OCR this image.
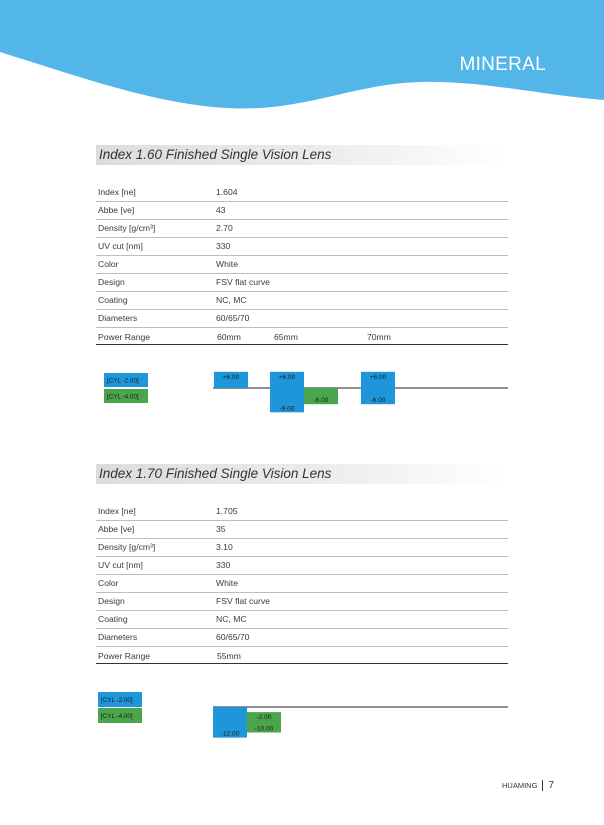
MINERAL
Index 1.60 Finished Single Vision Lens
Index [ne]	1.604
Abbe [ve]	43
Density [g/cm³]	2.70
UV cut [nm]	330
Color	White
Design	FSV flat curve
Coating	NC, MC
Diameters	60/65/70
Power Range	60mm	65mm	70mm
Index 1.70 Finished Single Vision Lens
Index [ne]	1.705
Abbe [ve]	35
Density [g/cm³]	3.10
UV cut [nm]	330
Color	White
Design	FSV flat curve
Coating	NC, MC
Diameters	60/65/70
Power Range	55mm
[CYL -2.00]
[CYL -4.00]
+6.00	+6.00
-9.00
+6.00
-6.00
-6.00
[CYL -2.00]
[CYL -4.00]
-12.00
-2.00
-10.00
HUAMING 7
